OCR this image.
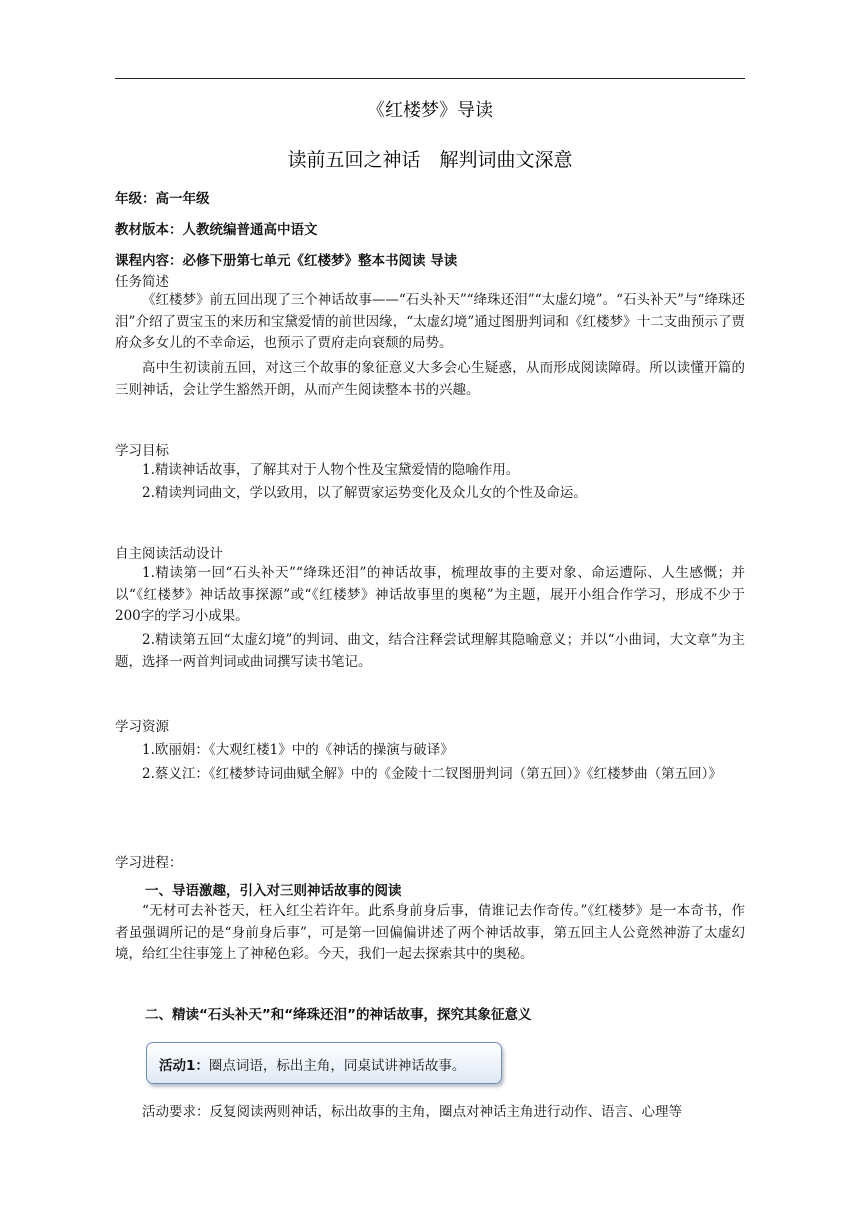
《红楼梦》导读
读前五回之神话　解判词曲文深意
年级：高一年级
教材版本：人教统编普通高中语文
课程内容：必修下册第七单元《红楼梦》整本书阅读 导读
任务简述
《红楼梦》前五回出现了三个神话故事——“石头补天”“绛珠还泪”“太虚幻境”。“石头补天”与“绛珠还泪”介绍了贾宝玉的来历和宝黛爱情的前世因缘，“太虚幻境”通过图册判词和《红楼梦》十二支曲预示了贾府众多女儿的不幸命运，也预示了贾府走向衰颓的局势。
高中生初读前五回，对这三个故事的象征意义大多会心生疑惑，从而形成阅读障碍。所以读懂开篇的三则神话，会让学生豁然开朗，从而产生阅读整本书的兴趣。
学习目标
1.精读神话故事，了解其对于人物个性及宝黛爱情的隐喻作用。
2.精读判词曲文，学以致用，以了解贾家运势变化及众儿女的个性及命运。
自主阅读活动设计
1.精读第一回“石头补天”“绛珠还泪”的神话故事，梳理故事的主要对象、命运遭际、人生感慨；并以“《红楼梦》神话故事探源”或“《红楼梦》神话故事里的奥秘”为主题，展开小组合作学习，形成不少于200字的学习小成果。
2.精读第五回“太虚幻境”的判词、曲文，结合注释尝试理解其隐喻意义；并以“小曲词，大文章”为主题，选择一两首判词或曲词撰写读书笔记。
学习资源
1.欧丽娟：《大观红楼1》中的《神话的操演与破译》
2.蔡义江：《红楼梦诗词曲赋全解》中的《金陵十二钗图册判词（第五回）》《红楼梦曲（第五回）》
学习进程：
一、导语激趣，引入对三则神话故事的阅读
“无材可去补苍天，枉入红尘若许年。此系身前身后事，倩谁记去作奇传。”《红楼梦》是一本奇书，作者虽强调所记的是“身前身后事”，可是第一回偏偏讲述了两个神话故事，第五回主人公竟然神游了太虚幻境，给红尘往事笼上了神秘色彩。今天，我们一起去探索其中的奥秘。
二、精读“石头补天”和“绛珠还泪”的神话故事，探究其象征意义
活动1：圈点词语，标出主角，同桌试讲神话故事。
活动要求：反复阅读两则神话，标出故事的主角，圈点对神话主角进行动作、语言、心理等
